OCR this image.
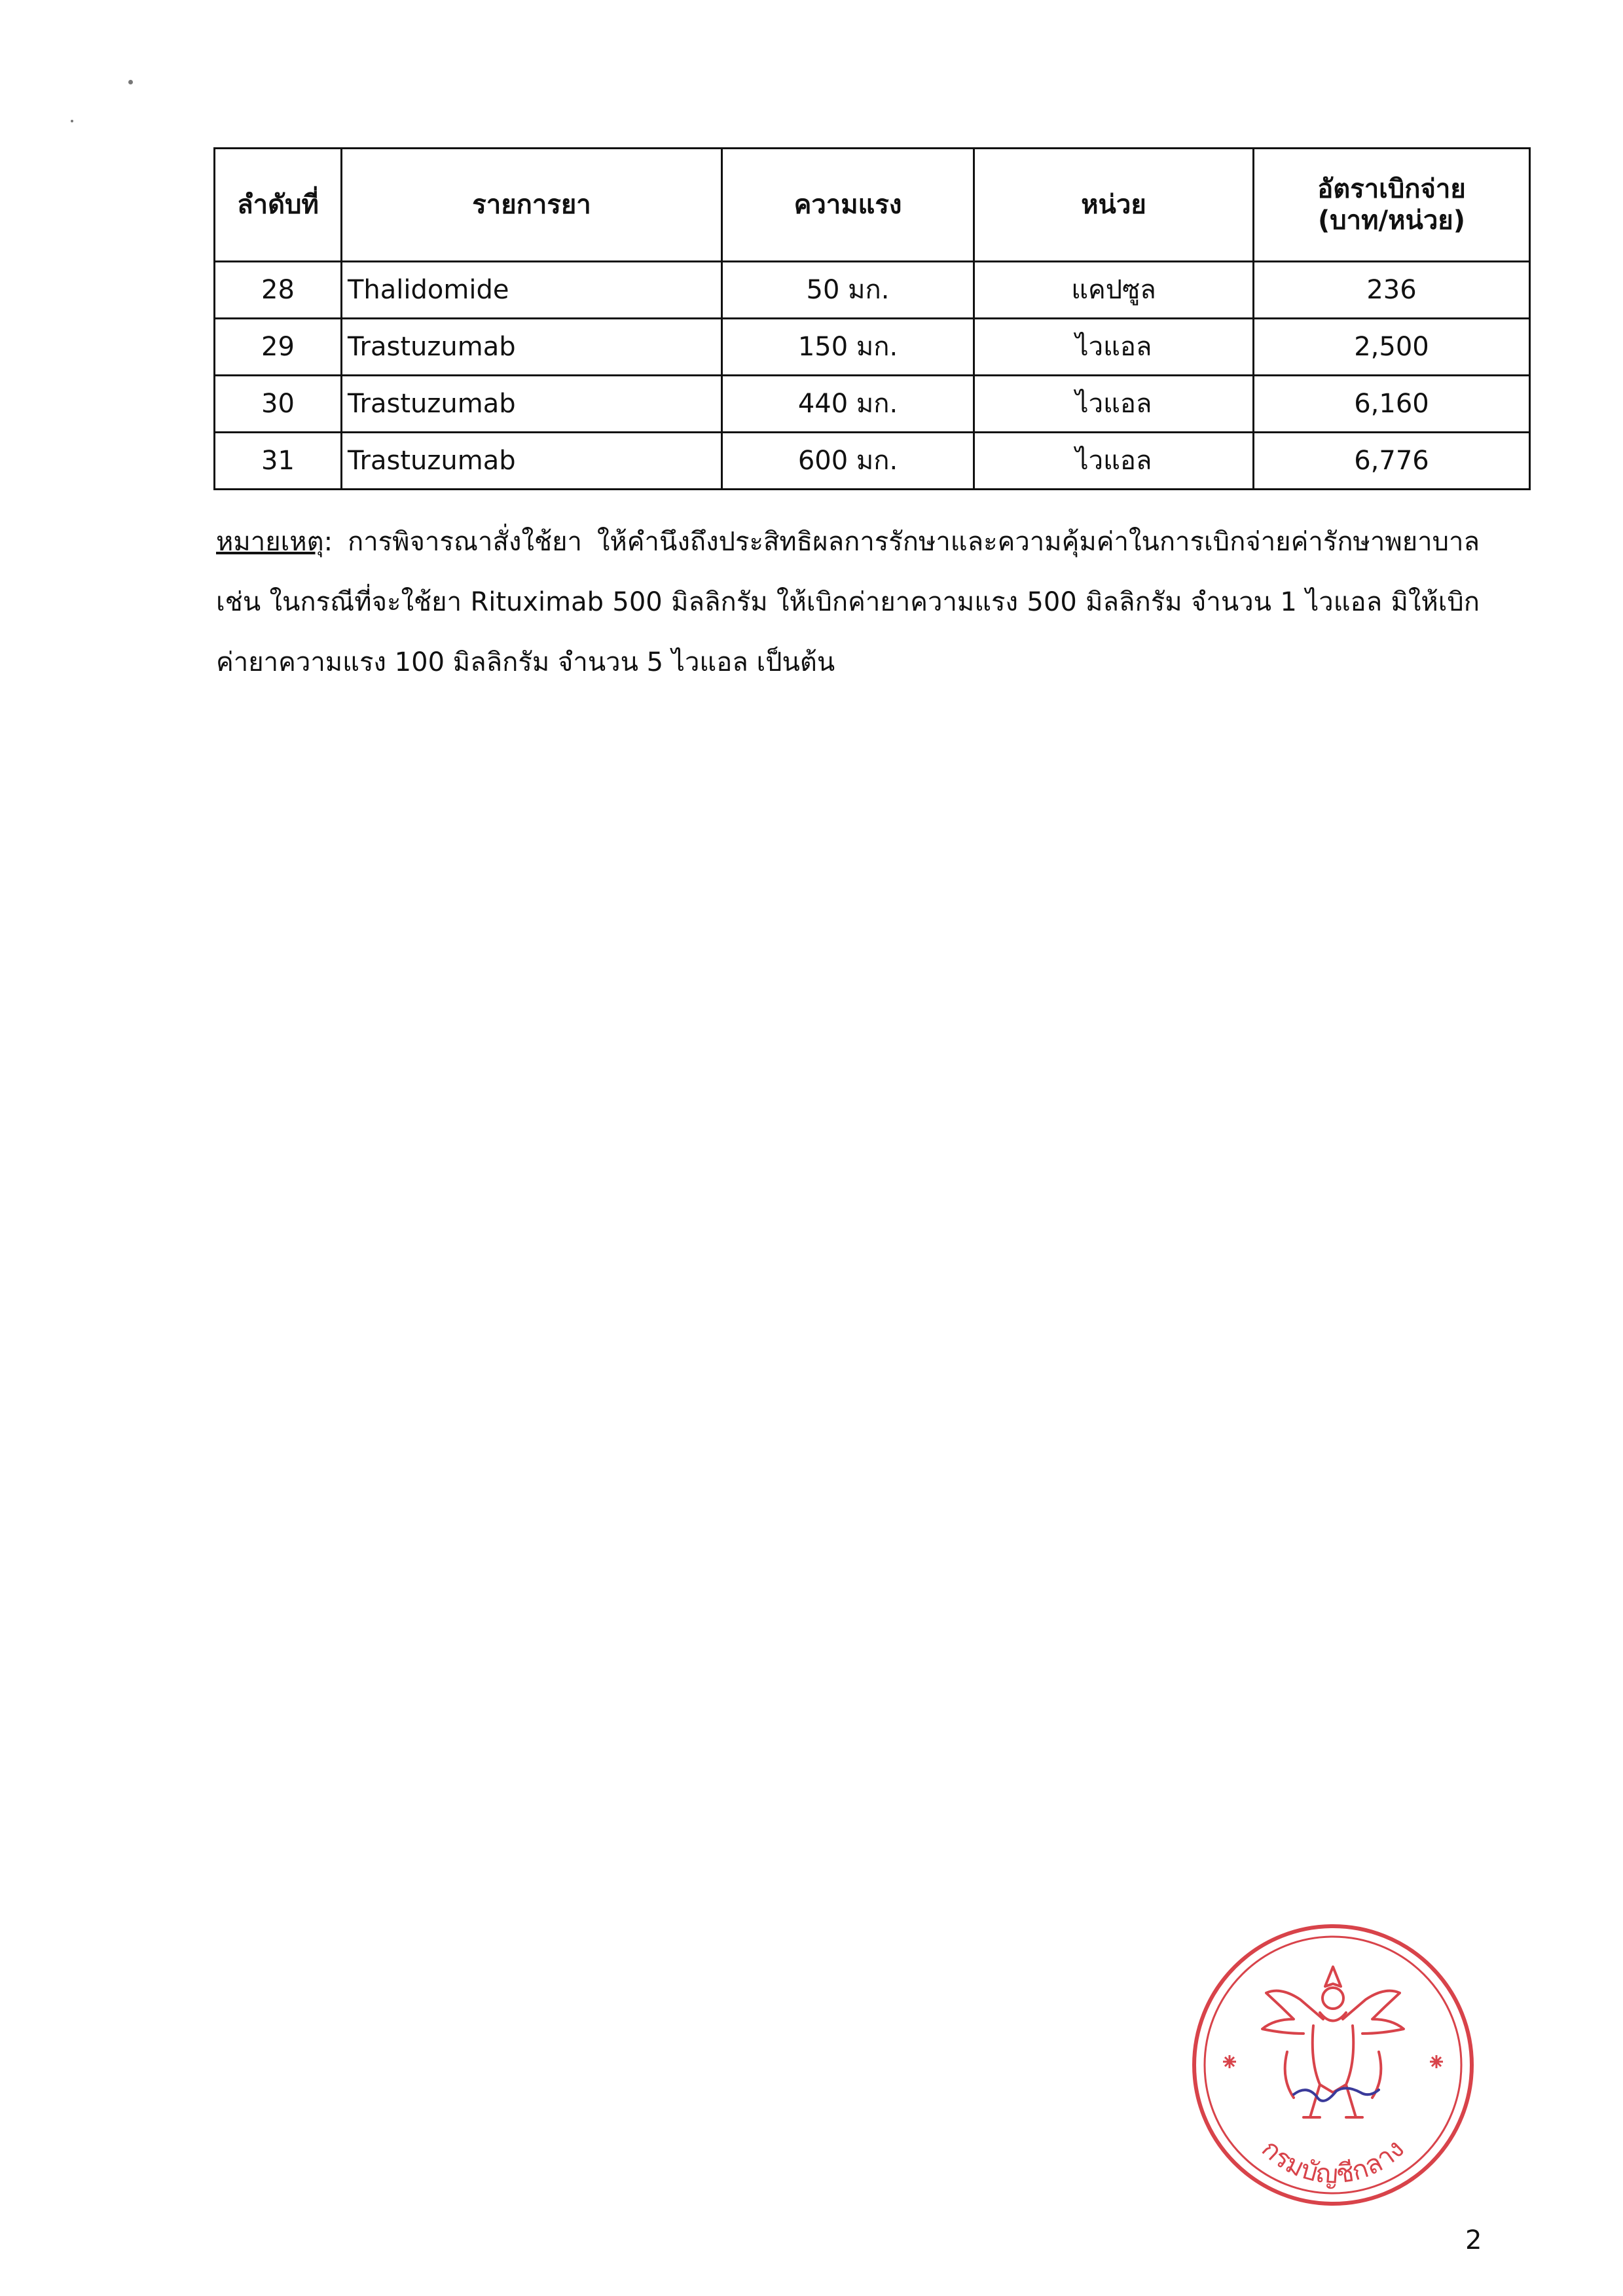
ลำดับที่	รายการยา	ความแรง	หน่วย	อัตราเบิกจ่าย
(บาท/หน่วย)

28	Thalidomide	50 มก.	แคปซูล	236
29	Trastuzumab	150 มก.	ไวแอล	2,500
30	Trastuzumab	440 มก.	ไวแอล	6,160
31	Trastuzumab	600 มก.	ไวแอล	6,776
หมายเหตุ: การพิจารณาสั่งใช้ยา ให้คำนึงถึงประสิทธิผลการรักษาและความคุ้มค่าในการเบิกจ่ายค่ารักษาพยาบาล เช่น ในกรณีที่จะใช้ยา Rituximab 500 มิลลิกรัม ให้เบิกค่ายาความแรง 500 มิลลิกรัม จำนวน 1 ไวแอล มิให้เบิกค่ายาความแรง 100 มิลลิกรัม จำนวน 5 ไวแอล เป็นต้น
กรมบัญชีกลาง
2
